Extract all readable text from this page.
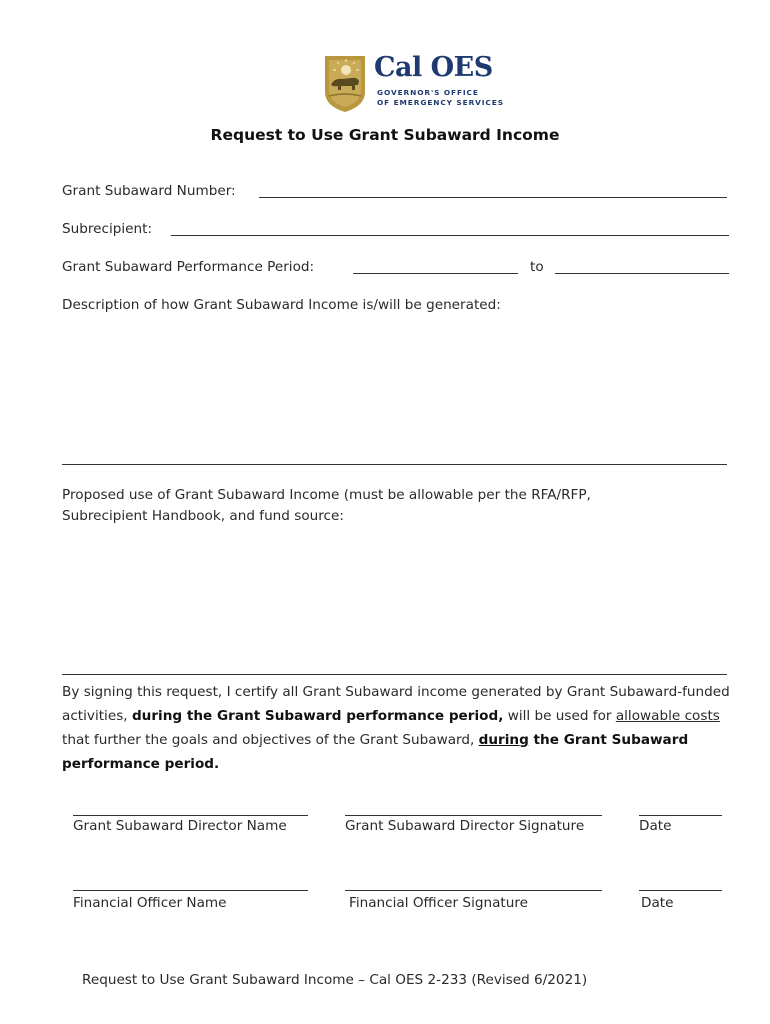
Cal OES
GOVERNOR'S OFFICE
OF EMERGENCY SERVICES
Request to Use Grant Subaward Income
Grant Subaward Number:
Subrecipient:
Grant Subaward Performance Period:	to
Description of how Grant Subaward Income is/will be generated:
Proposed use of Grant Subaward Income (must be allowable per the RFA/RFP,
Subrecipient Handbook, and fund source:
By signing this request, I certify all Grant Subaward income generated by Grant Subaward-funded activities, during the Grant Subaward performance period, will be used for allowable costs that further the goals and objectives of the Grant Subaward, during the Grant Subaward performance period.
Grant Subaward Director Name	Grant Subaward Director Signature	Date
Financial Officer Name	Financial Officer Signature	Date
Request to Use Grant Subaward Income – Cal OES 2-233 (Revised 6/2021)
